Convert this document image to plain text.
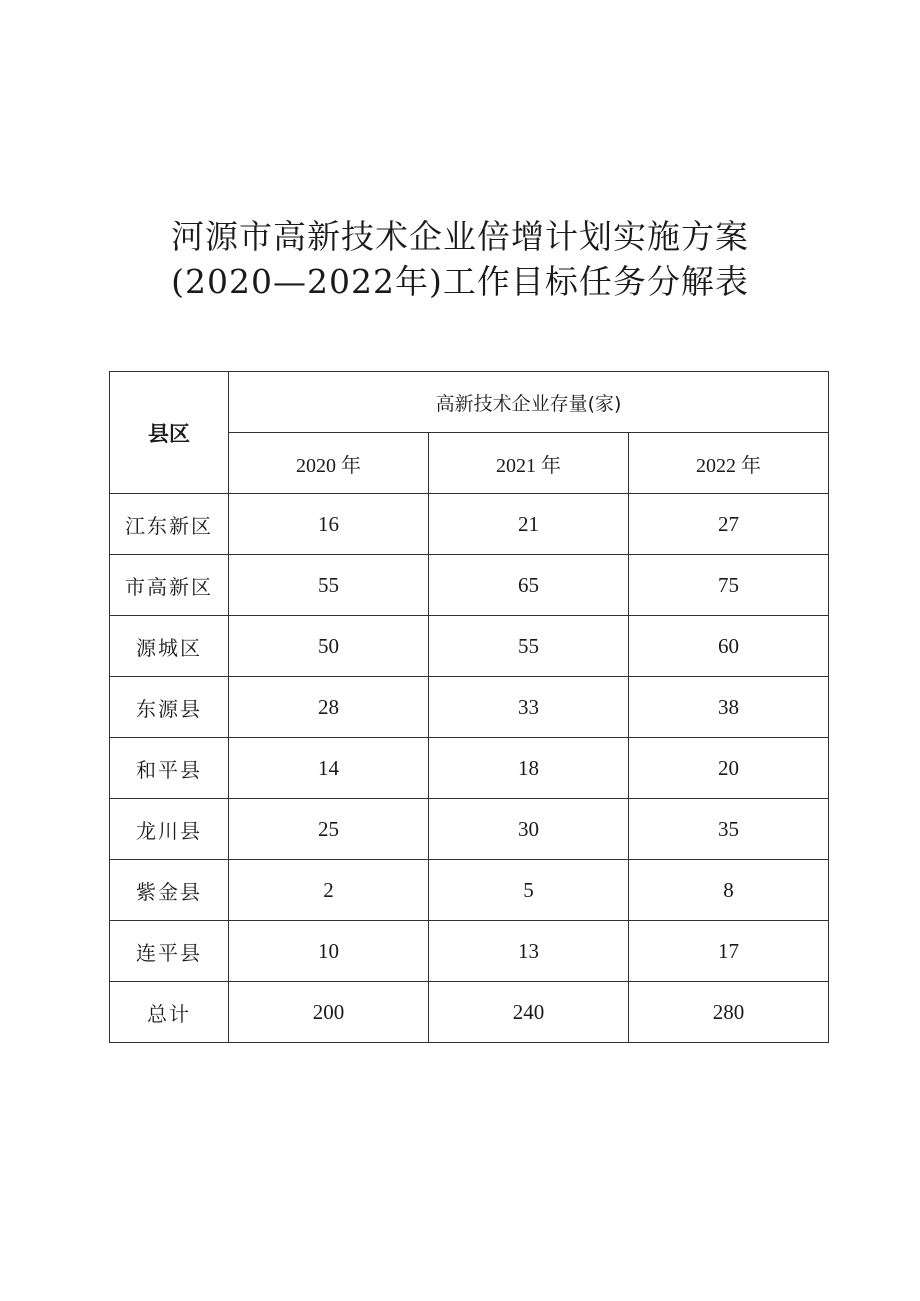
河源市高新技术企业倍增计划实施方案
(2020—2022年)工作目标任务分解表
县区	高新技术企业存量(家)		
	2020 年	2021 年	2022 年
江东新区	16	21	27
市高新区	55	65	75
源城区	50	55	60
东源县	28	33	38
和平县	14	18	20
龙川县	25	30	35
紫金县	2	5	8
连平县	10	13	17
总计	200	240	280
